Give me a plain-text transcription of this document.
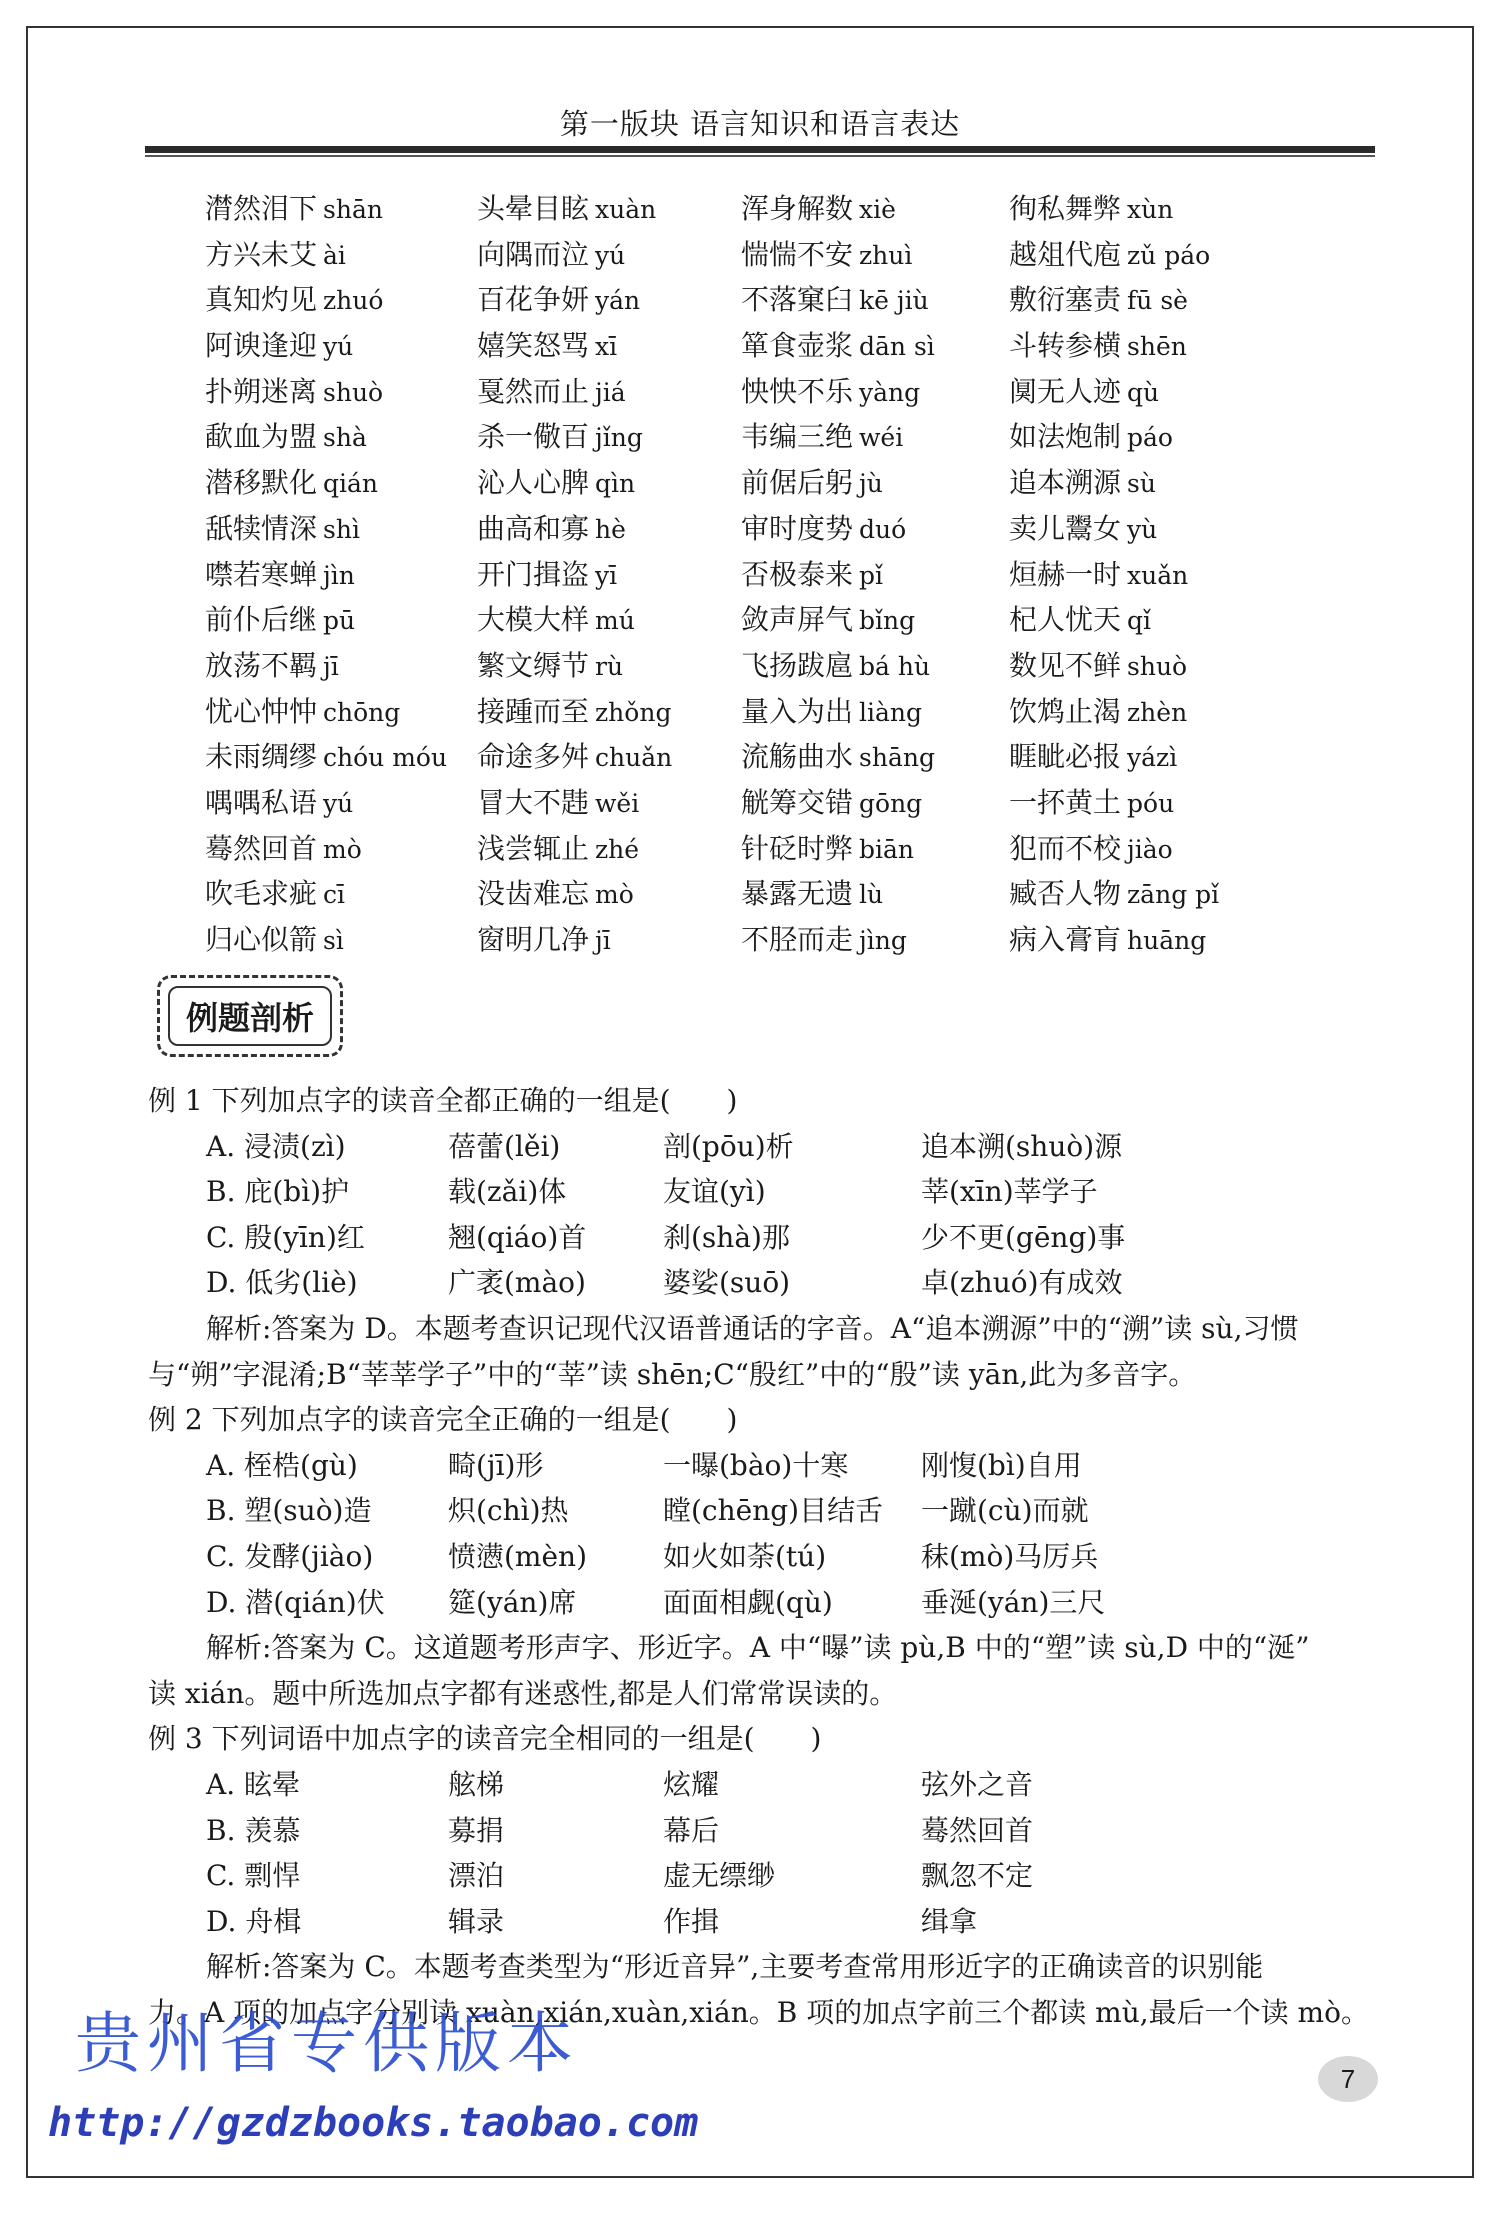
第一版块 语言知识和语言表达
潸然泪下 shān	头晕目眩 xuàn	浑身解数 xiè	徇私舞弊 xùn
方兴未艾 ài	向隅而泣 yú	惴惴不安 zhuì	越俎代庖 zǔ páo
真知灼见 zhuó	百花争妍 yán	不落窠臼 kē jiù	敷衍塞责 fū sè
阿谀逢迎 yú	嬉笑怒骂 xī	箪食壶浆 dān sì	斗转参横 shēn
扑朔迷离 shuò	戛然而止 jiá	怏怏不乐 yàng	阒无人迹 qù
歃血为盟 shà	杀一儆百 jǐng	韦编三绝 wéi	如法炮制 páo
潜移默化 qián	沁人心脾 qìn	前倨后躬 jù	追本溯源 sù
舐犊情深 shì	曲高和寡 hè	审时度势 duó	卖儿鬻女 yù
噤若寒蝉 jìn	开门揖盗 yī	否极泰来 pǐ	烜赫一时 xuǎn
前仆后继 pū	大模大样 mú	敛声屏气 bǐng	杞人忧天 qǐ
放荡不羁 jī	繁文缛节 rù	飞扬跋扈 bá hù	数见不鲜 shuò
忧心忡忡 chōng	接踵而至 zhǒng	量入为出 liàng	饮鸩止渴 zhèn
未雨绸缪 chóu móu	命途多舛 chuǎn	流觞曲水 shāng	睚眦必报 yázì
喁喁私语 yú	冒大不韪 wěi	觥筹交错 gōng	一抔黄土 póu
蓦然回首 mò	浅尝辄止 zhé	针砭时弊 biān	犯而不校 jiào
吹毛求疵 cī	没齿难忘 mò	暴露无遗 lù	臧否人物 zāng pǐ
归心似箭 sì	窗明几净 jī	不胫而走 jìng	病入膏肓 huāng
例题剖析
例 1 下列加点字的读音全都正确的一组是(　　)
A. 浸渍(zì)	蓓蕾(lěi)	剖(pōu)析	追本溯(shuò)源
B. 庇(bì)护	载(zǎi)体	友谊(yì)	莘(xīn)莘学子
C. 殷(yīn)红	翘(qiáo)首	刹(shà)那	少不更(gēng)事
D. 低劣(liè)	广袤(mào)	婆娑(suō)	卓(zhuó)有成效
解析:答案为 D。本题考查识记现代汉语普通话的字音。A“追本溯源”中的“溯”读 sù,习惯
与“朔”字混淆;B“莘莘学子”中的“莘”读 shēn;C“殷红”中的“殷”读 yān,此为多音字。
例 2 下列加点字的读音完全正确的一组是(　　)
A. 桎梏(gù)	畸(jī)形	一曝(bào)十寒	刚愎(bì)自用
B. 塑(suò)造	炽(chì)热	瞠(chēng)目结舌	一蹴(cù)而就
C. 发酵(jiào)	愤懑(mèn)	如火如荼(tú)	秣(mò)马厉兵
D. 潜(qián)伏	筵(yán)席	面面相觑(qù)	垂涎(yán)三尺
解析:答案为 C。这道题考形声字、形近字。A 中“曝”读 pù,B 中的“塑”读 sù,D 中的“涎”
读 xián。题中所选加点字都有迷惑性,都是人们常常误读的。
例 3 下列词语中加点字的读音完全相同的一组是(　　)
A. 眩晕	舷梯	炫耀	弦外之音
B. 羡慕	募捐	幕后	蓦然回首
C. 剽悍	漂泊	虚无缥缈	飘忽不定
D. 舟楫	辑录	作揖	缉拿
解析:答案为 C。本题考查类型为“形近音异”,主要考查常用形近字的正确读音的识别能
力。A 项的加点字分别读 xuàn,xián,xuàn,xián。B 项的加点字前三个都读 mù,最后一个读 mò。
贵州省专供版本
http://gzdzbooks.taobao.com
7
